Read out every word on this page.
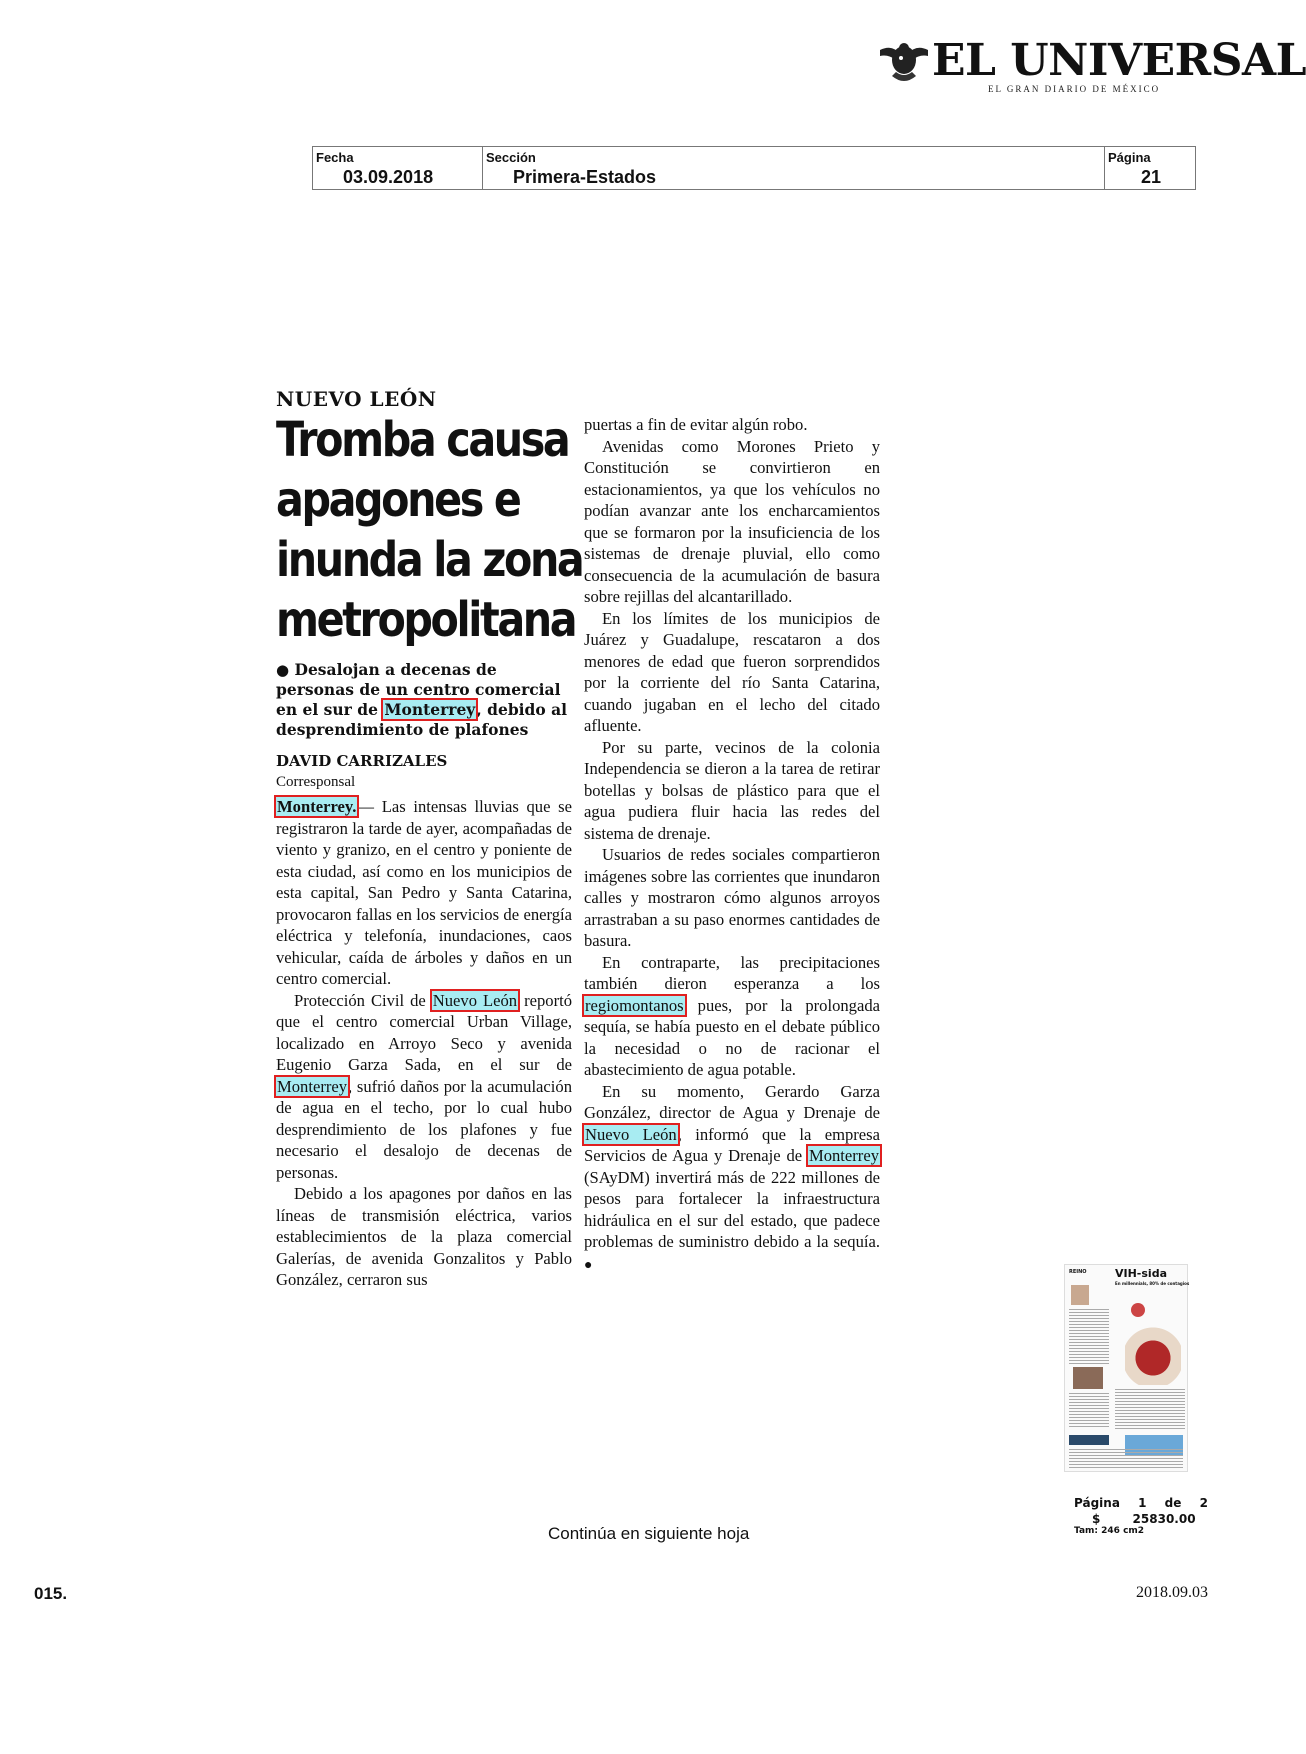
EL UNIVERSAL
EL GRAN DIARIO DE MÉXICO
Fecha
03.09.2018
Sección
Primera-Estados
Página
21
NUEVO LEÓN
Tromba causa
apagones e
inunda la zona
metropolitana
● Desalojan a decenas de personas de un centro comercial en el sur de Monterrey, debido al desprendimiento de plafones
DAVID CARRIZALES
Corresponsal

Monterrey.— Las intensas lluvias que se registraron la tarde de ayer, acompañadas de viento y granizo, en el centro y poniente de esta ciudad, así como en los municipios de esta capital, San Pedro y Santa Catarina, provocaron fallas en los servicios de energía eléctrica y telefonía, inundaciones, caos vehicular, caída de árboles y daños en un centro comercial.

Protección Civil de Nuevo León reportó que el centro comercial Urban Village, localizado en Arroyo Seco y avenida Eugenio Garza Sada, en el sur de Monterrey, sufrió daños por la acumulación de agua en el techo, por lo cual hubo desprendimiento de los plafones y fue necesario el desalojo de decenas de personas.

Debido a los apagones por daños en las líneas de transmisión eléctrica, varios establecimientos de la plaza comercial Galerías, de avenida Gonzalitos y Pablo González, cerraron sus

puertas a fin de evitar algún robo.

Avenidas como Morones Prieto y Constitución se convirtieron en estacionamientos, ya que los vehículos no podían avanzar ante los encharcamientos que se formaron por la insuficiencia de los sistemas de drenaje pluvial, ello como consecuencia de la acumulación de basura sobre rejillas del alcantarillado.

En los límites de los municipios de Juárez y Guadalupe, rescataron a dos menores de edad que fueron sorprendidos por la corriente del río Santa Catarina, cuando jugaban en el lecho del citado afluente.

Por su parte, vecinos de la colonia Independencia se dieron a la tarea de retirar botellas y bolsas de plástico para que el agua pudiera fluir hacia las redes del sistema de drenaje.

Usuarios de redes sociales compartieron imágenes sobre las corrientes que inundaron calles y mostraron cómo algunos arroyos arrastraban a su paso enormes cantidades de basura.

En contraparte, las precipitaciones también dieron esperanza a los regiomontanos pues, por la prolongada sequía, se había puesto en el debate público la necesidad o no de racionar el abastecimiento de agua potable.

En su momento, Gerardo Garza González, director de Agua y Drenaje de Nuevo León, informó que la empresa Servicios de Agua y Drenaje de Monterrey (SAyDM) invertirá más de 222 millones de pesos para fortalecer la infraestructura hidráulica en el sur del estado, que padece problemas de suministro debido a la sequía. ●	REINO	VIH-sida
En millennials, 80% de contagios
Página 1 de 2
$	25830.00
Tam: 246 cm2
Continúa en siguiente hoja
015.	2018.09.03
